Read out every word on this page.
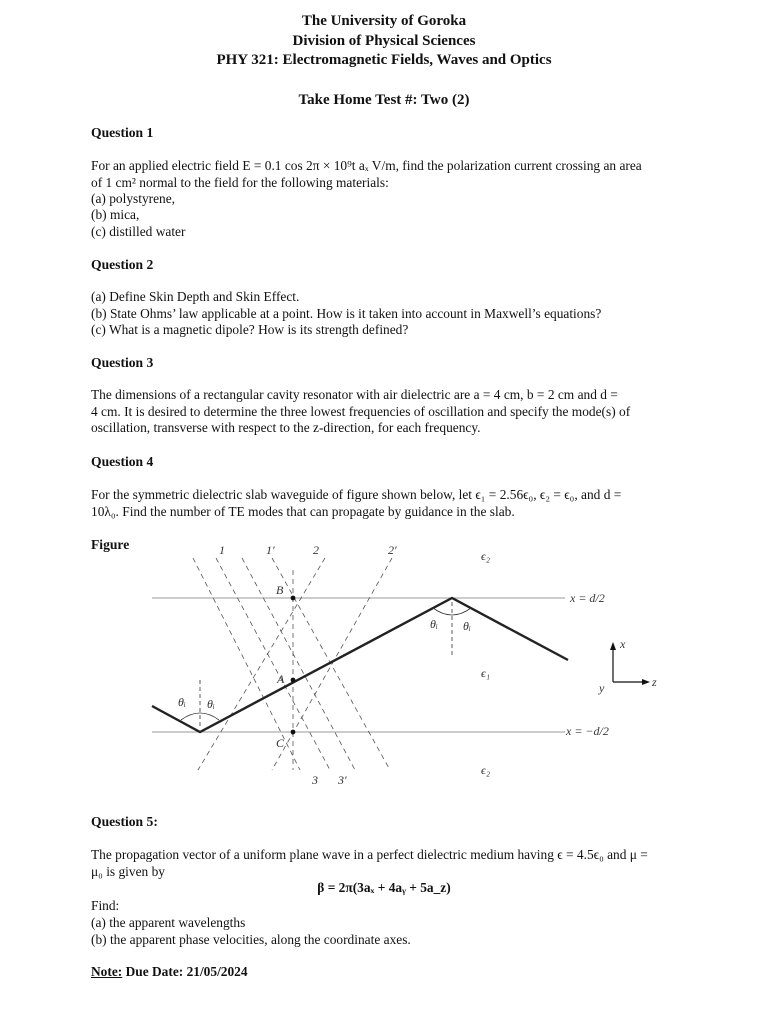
The University of Goroka
Division of Physical Sciences
PHY 321: Electromagnetic Fields, Waves and Optics
Take Home Test #: Two (2)
Question 1
For an applied electric field E = 0.1 cos 2π × 10⁹t aₓ V/m, find the polarization current crossing an area
of 1 cm² normal to the field for the following materials:
(a) polystyrene,
(b) mica,
(c) distilled water
Question 2
(a) Define Skin Depth and Skin Effect.
(b) State Ohms’ law applicable at a point. How is it taken into account in Maxwell’s equations?
(c) What is a magnetic dipole? How is its strength defined?
Question 3
The dimensions of a rectangular cavity resonator with air dielectric are a = 4 cm, b = 2 cm and d =
4 cm. It is desired to determine the three lowest frequencies of oscillation and specify the mode(s) of
oscillation, transverse with respect to the z-direction, for each frequency.
Question 4
For the symmetric dielectric slab waveguide of figure shown below, let ϵ₁ = 2.56ϵ₀, ϵ₂ = ϵ₀, and d =
10λ₀. Find the number of TE modes that can propagate by guidance in the slab.
Figure	1	1′	2	2′
3 3′
B
A
C
ϵ₂
ϵ₁
ϵ₂
x = d/2
x = −d/2
θᵢ θᵢ
θᵢ θᵢ
x
y	z
Question 5:
The propagation vector of a uniform plane wave in a perfect dielectric medium having ϵ = 4.5ϵ₀ and μ =
μ₀ is given by
β = 2π(3aₓ + 4aᵧ + 5a_z)
Find:
(a) the apparent wavelengths
(b) the apparent phase velocities, along the coordinate axes.
Note: Due Date: 21/05/2024
